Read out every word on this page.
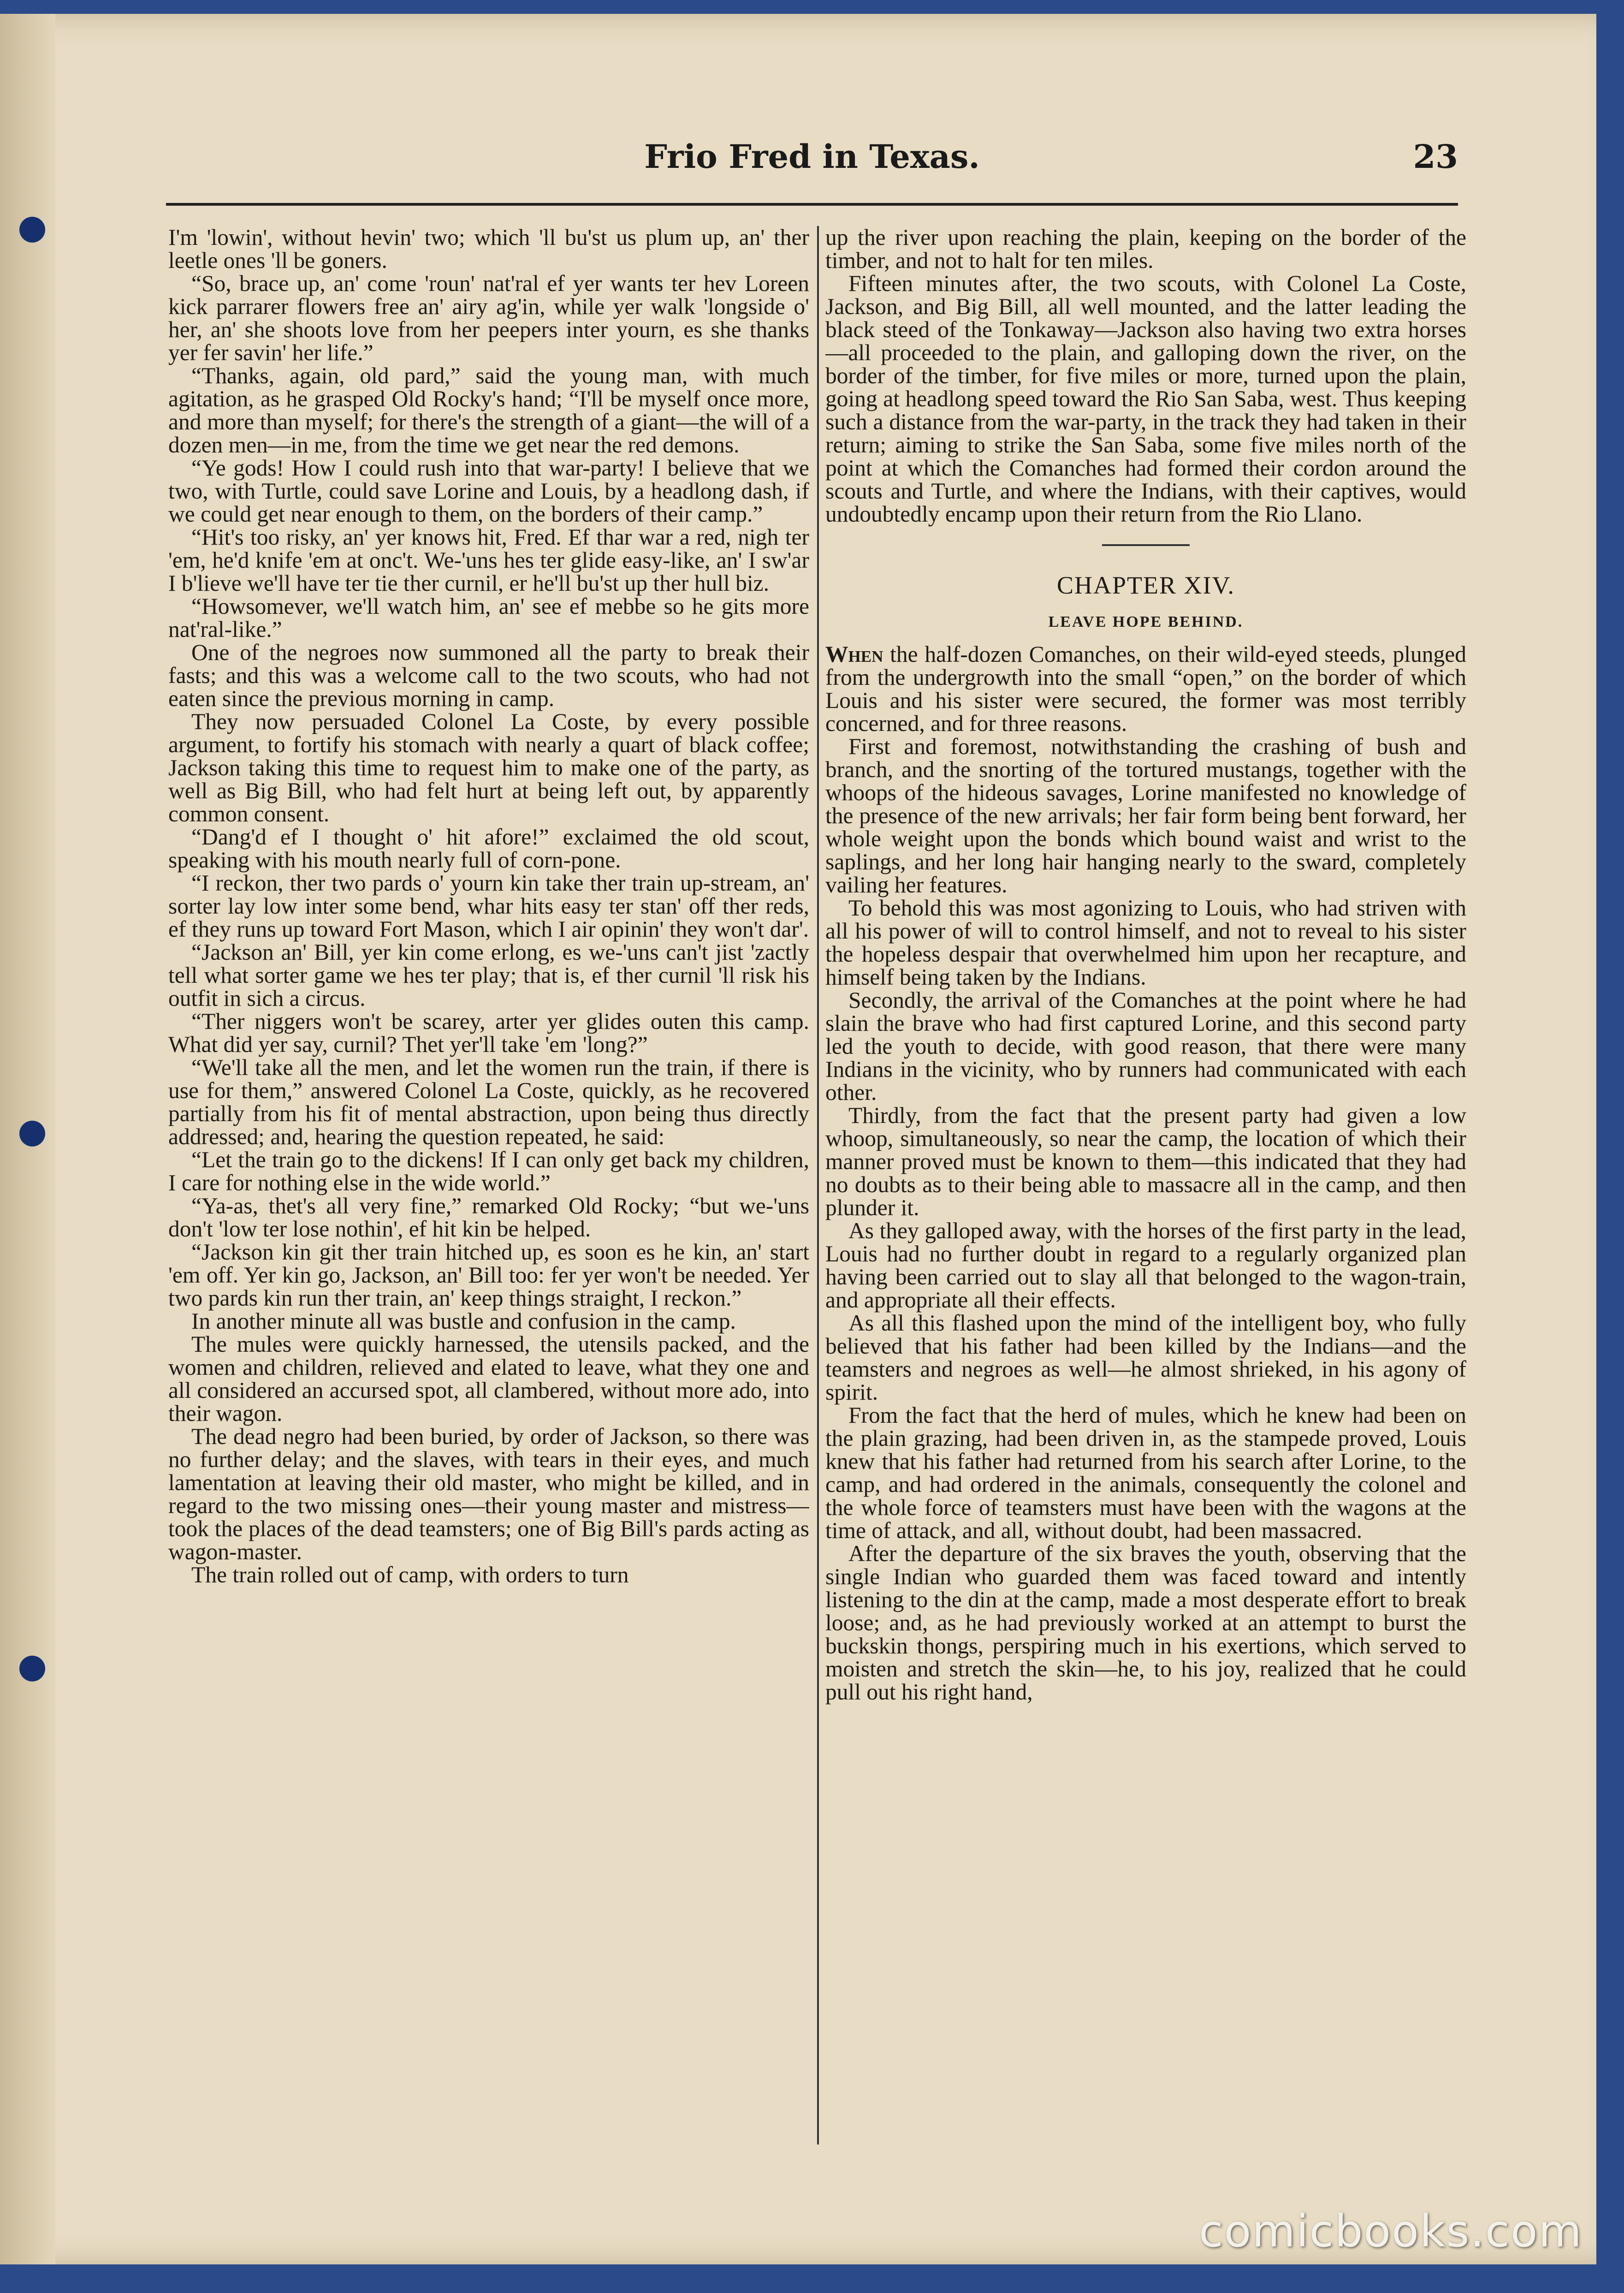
Frio Fred in Texas.	23

I'm 'lowin', without hevin' two; which 'll bu'st us plum up, an' ther leetle ones 'll be goners.

“So, brace up, an' come 'roun' nat'ral ef yer wants ter hev Loreen kick parrarer flowers free an' airy ag'in, while yer walk 'longside o' her, an' she shoots love from her peepers inter yourn, es she thanks yer fer savin' her life.”

“Thanks, again, old pard,” said the young man, with much agitation, as he grasped Old Rocky's hand; “I'll be myself once more, and more than myself; for there's the strength of a giant—the will of a dozen men—in me, from the time we get near the red demons.

“Ye gods! How I could rush into that war-party! I believe that we two, with Turtle, could save Lorine and Louis, by a headlong dash, if we could get near enough to them, on the borders of their camp.”

“Hit's too risky, an' yer knows hit, Fred. Ef thar war a red, nigh ter 'em, he'd knife 'em at onc't. We-'uns hes ter glide easy-like, an' I sw'ar I b'lieve we'll have ter tie ther curnil, er he'll bu'st up ther hull biz.

“Howsomever, we'll watch him, an' see ef mebbe so he gits more nat'ral-like.”

One of the negroes now summoned all the party to break their fasts; and this was a welcome call to the two scouts, who had not eaten since the previous morning in camp.

They now persuaded Colonel La Coste, by every possible argument, to fortify his stomach with nearly a quart of black coffee; Jackson taking this time to request him to make one of the party, as well as Big Bill, who had felt hurt at being left out, by apparently common consent.

“Dang'd ef I thought o' hit afore!” exclaimed the old scout, speaking with his mouth nearly full of corn-pone.

“I reckon, ther two pards o' yourn kin take ther train up-stream, an' sorter lay low inter some bend, whar hits easy ter stan' off ther reds, ef they runs up toward Fort Mason, which I air opinin' they won't dar'.

“Jackson an' Bill, yer kin come erlong, es we-'uns can't jist 'zactly tell what sorter game we hes ter play; that is, ef ther curnil 'll risk his outfit in sich a circus.

“Ther niggers won't be scarey, arter yer glides outen this camp. What did yer say, curnil? Thet yer'll take 'em 'long?”

“We'll take all the men, and let the women run the train, if there is use for them,” answered Colonel La Coste, quickly, as he recovered partially from his fit of mental abstraction, upon being thus directly addressed; and, hearing the question repeated, he said:

“Let the train go to the dickens! If I can only get back my children, I care for nothing else in the wide world.”

“Ya-as, thet's all very fine,” remarked Old Rocky; “but we-'uns don't 'low ter lose nothin', ef hit kin be helped.

“Jackson kin git ther train hitched up, es soon es he kin, an' start 'em off. Yer kin go, Jackson, an' Bill too: fer yer won't be needed. Yer two pards kin run ther train, an' keep things straight, I reckon.”

In another minute all was bustle and confusion in the camp.

The mules were quickly harnessed, the utensils packed, and the women and children, relieved and elated to leave, what they one and all considered an accursed spot, all clambered, without more ado, into their wagon.

The dead negro had been buried, by order of Jackson, so there was no further delay; and the slaves, with tears in their eyes, and much lamentation at leaving their old master, who might be killed, and in regard to the two missing ones—their young master and mistress—took the places of the dead teamsters; one of Big Bill's pards acting as wagon-master.

The train rolled out of camp, with orders to turn

up the river upon reaching the plain, keeping on the border of the timber, and not to halt for ten miles.

Fifteen minutes after, the two scouts, with Colonel La Coste, Jackson, and Big Bill, all well mounted, and the latter leading the black steed of the Tonkaway—Jackson also having two extra horses—all proceeded to the plain, and galloping down the river, on the border of the timber, for five miles or more, turned upon the plain, going at headlong speed toward the Rio San Saba, west. Thus keeping such a distance from the war-party, in the track they had taken in their return; aiming to strike the San Saba, some five miles north of the point at which the Comanches had formed their cordon around the scouts and Turtle, and where the Indians, with their captives, would undoubtedly encamp upon their return from the Rio Llano.

CHAPTER XIV.
LEAVE HOPE BEHIND.

When the half-dozen Comanches, on their wild-eyed steeds, plunged from the undergrowth into the small “open,” on the border of which Louis and his sister were secured, the former was most terribly concerned, and for three reasons.

First and foremost, notwithstanding the crashing of bush and branch, and the snorting of the tortured mustangs, together with the whoops of the hideous savages, Lorine manifested no knowledge of the presence of the new arrivals; her fair form being bent forward, her whole weight upon the bonds which bound waist and wrist to the saplings, and her long hair hanging nearly to the sward, completely vailing her features.

To behold this was most agonizing to Louis, who had striven with all his power of will to control himself, and not to reveal to his sister the hopeless despair that overwhelmed him upon her recapture, and himself being taken by the Indians.

Secondly, the arrival of the Comanches at the point where he had slain the brave who had first captured Lorine, and this second party led the youth to decide, with good reason, that there were many Indians in the vicinity, who by runners had communicated with each other.

Thirdly, from the fact that the present party had given a low whoop, simultaneously, so near the camp, the location of which their manner proved must be known to them—this indicated that they had no doubts as to their being able to massacre all in the camp, and then plunder it.

As they galloped away, with the horses of the first party in the lead, Louis had no further doubt in regard to a regularly organized plan having been carried out to slay all that belonged to the wagon-train, and appropriate all their effects.

As all this flashed upon the mind of the intelligent boy, who fully believed that his father had been killed by the Indians—and the teamsters and negroes as well—he almost shrieked, in his agony of spirit.

From the fact that the herd of mules, which he knew had been on the plain grazing, had been driven in, as the stampede proved, Louis knew that his father had returned from his search after Lorine, to the camp, and had ordered in the animals, consequently the colonel and the whole force of teamsters must have been with the wagons at the time of attack, and all, without doubt, had been massacred.

After the departure of the six braves the youth, observing that the single Indian who guarded them was faced toward and intently listening to the din at the camp, made a most desperate effort to break loose; and, as he had previously worked at an attempt to burst the buckskin thongs, perspiring much in his exertions, which served to moisten and stretch the skin—he, to his joy, realized that he could pull out his right hand,

comicbooks.com
